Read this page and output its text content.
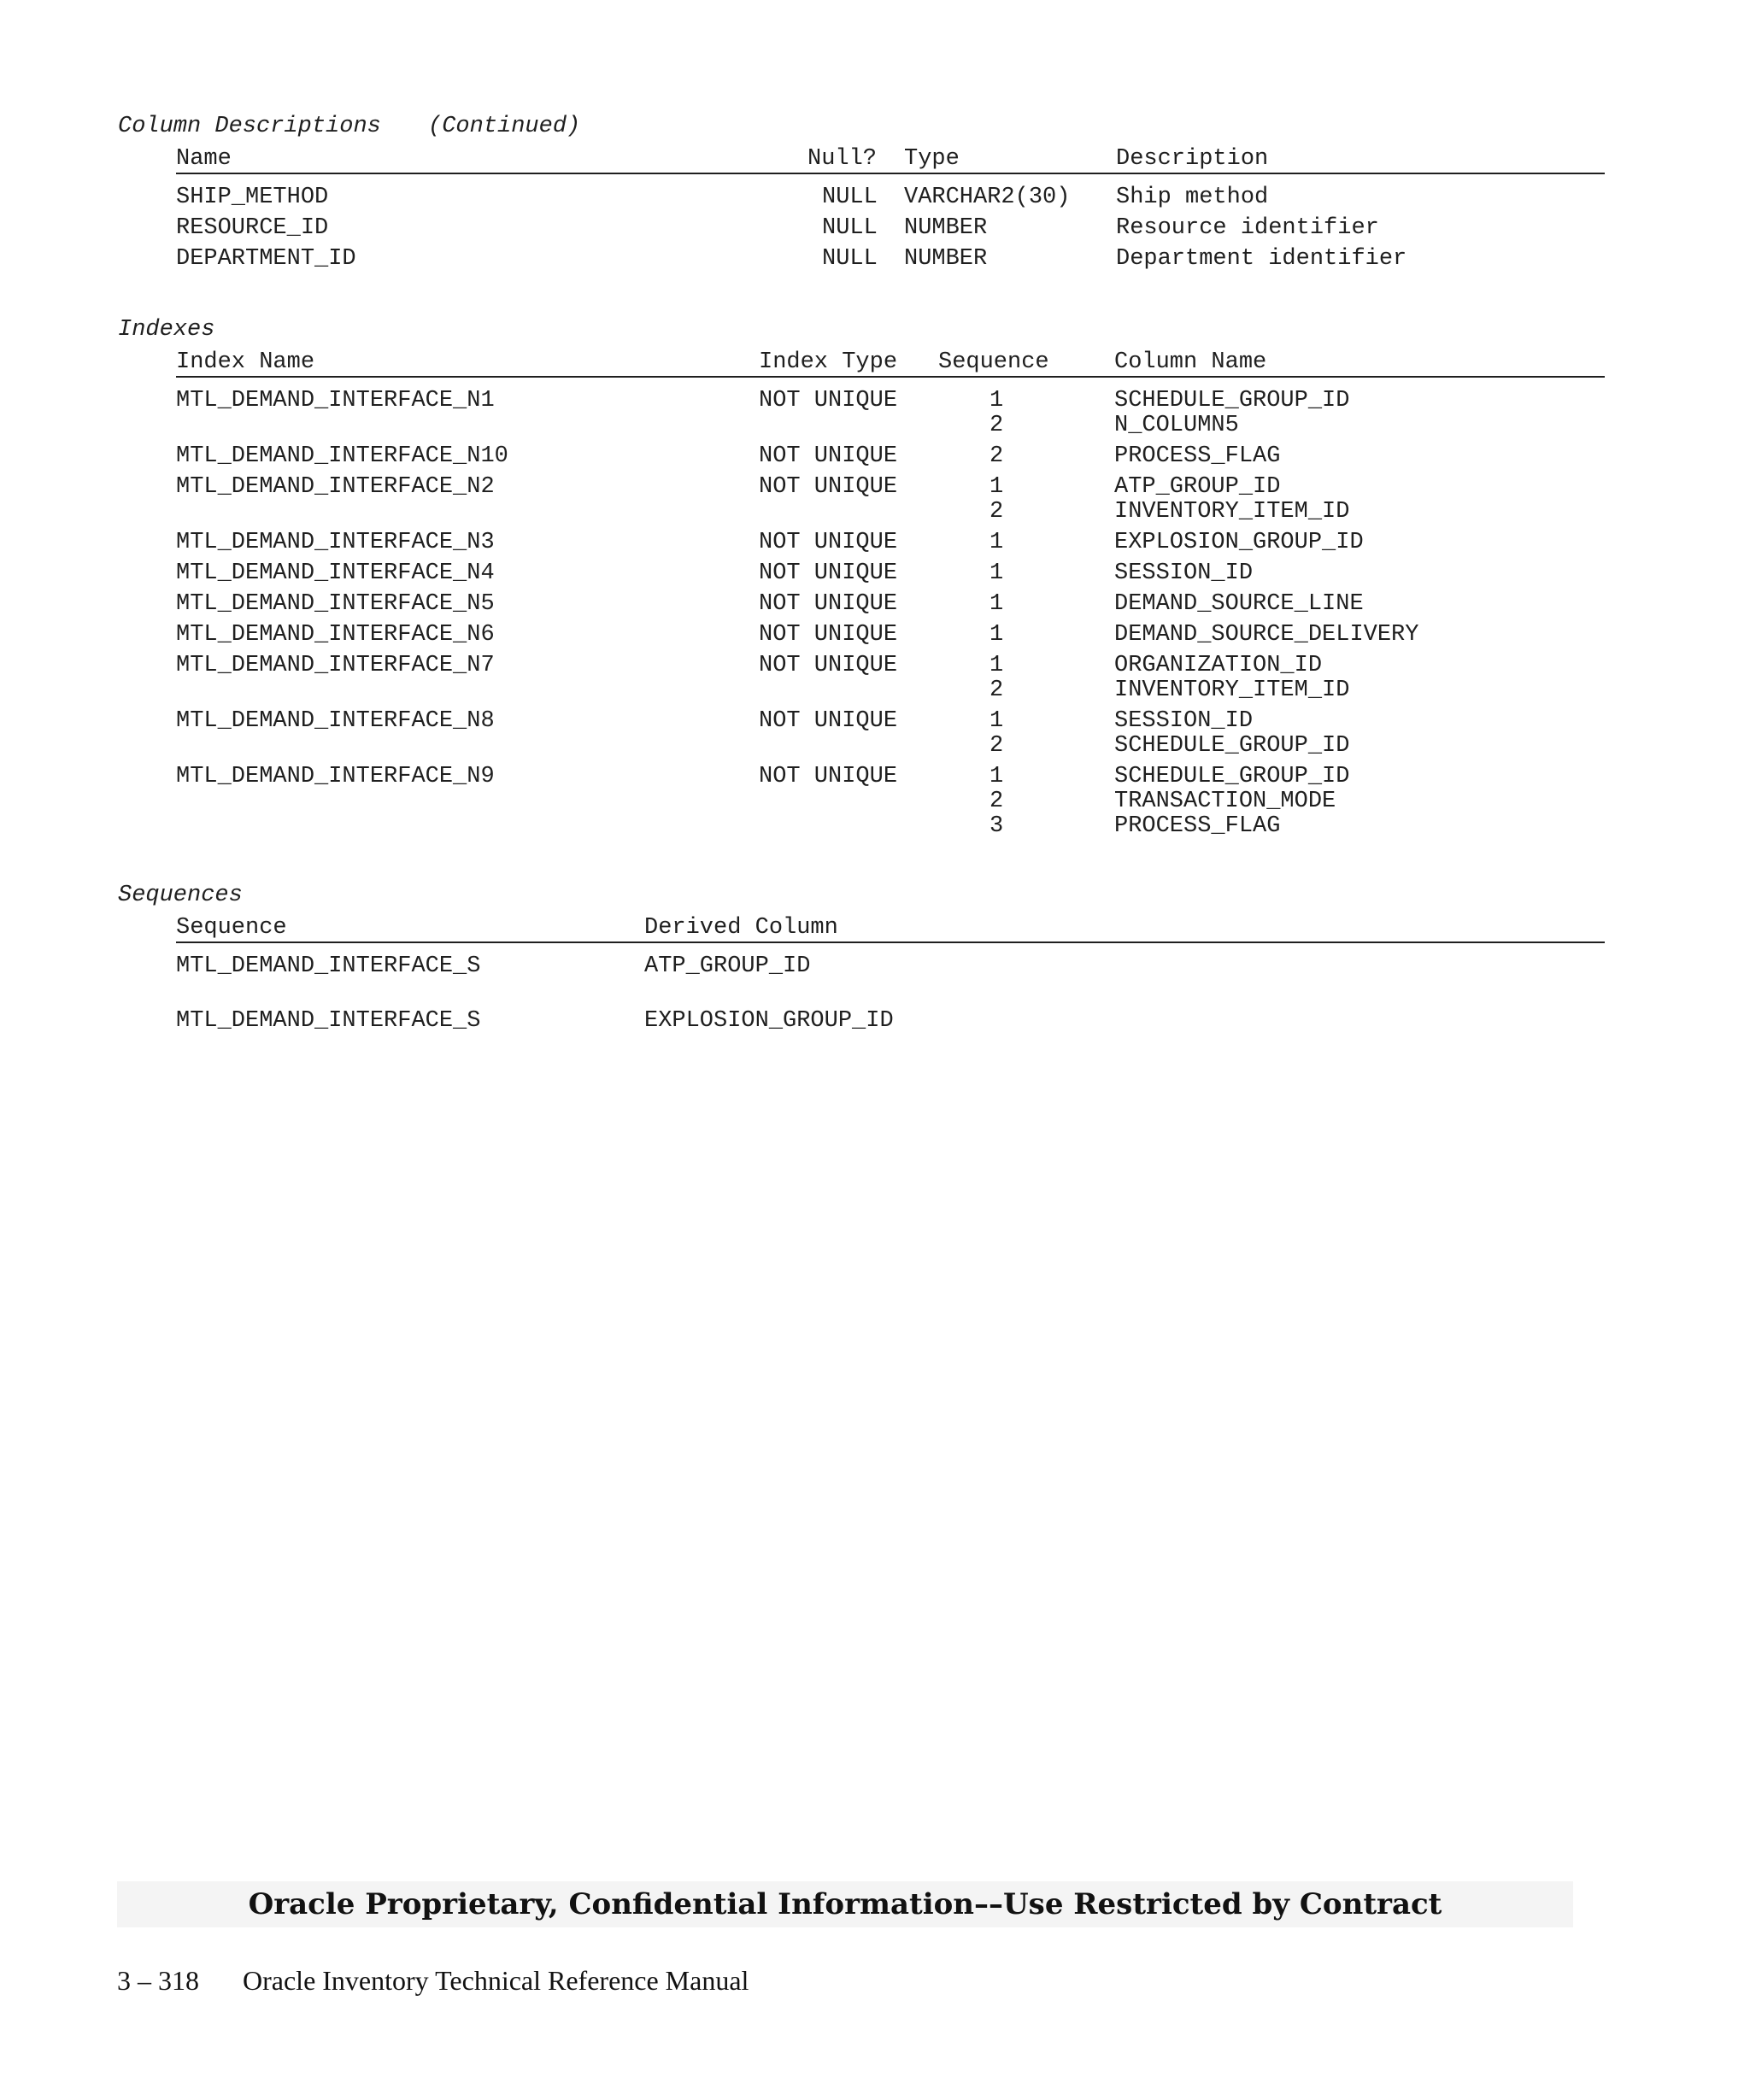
Column Descriptions (Continued)
Name	Null? Type	Description
SHIP_METHOD	NULL VARCHAR2(30) Ship method
RESOURCE_ID	NULL NUMBER	Resource identifier
DEPARTMENT_ID	NULL NUMBER	Department identifier
Indexes
Index Name	Index Type Sequence	Column Name
MTL_DEMAND_INTERFACE_N1	NOT UNIQUE	1	SCHEDULE_GROUP_ID
2	N_COLUMN5
MTL_DEMAND_INTERFACE_N10	NOT UNIQUE	2	PROCESS_FLAG
MTL_DEMAND_INTERFACE_N2	NOT UNIQUE	1	ATP_GROUP_ID
2	INVENTORY_ITEM_ID
MTL_DEMAND_INTERFACE_N3	NOT UNIQUE	1	EXPLOSION_GROUP_ID
MTL_DEMAND_INTERFACE_N4	NOT UNIQUE	1	SESSION_ID
MTL_DEMAND_INTERFACE_N5	NOT UNIQUE	1	DEMAND_SOURCE_LINE
MTL_DEMAND_INTERFACE_N6	NOT UNIQUE	1	DEMAND_SOURCE_DELIVERY
MTL_DEMAND_INTERFACE_N7	NOT UNIQUE	1	ORGANIZATION_ID
2	INVENTORY_ITEM_ID
MTL_DEMAND_INTERFACE_N8	NOT UNIQUE	1	SESSION_ID
2	SCHEDULE_GROUP_ID
MTL_DEMAND_INTERFACE_N9	NOT UNIQUE	1	SCHEDULE_GROUP_ID
2	TRANSACTION_MODE
3	PROCESS_FLAG
Sequences
Sequence	Derived Column
MTL_DEMAND_INTERFACE_S	ATP_GROUP_ID
MTL_DEMAND_INTERFACE_S	EXPLOSION_GROUP_ID
Oracle Proprietary, Confidential Information––Use Restricted by Contract
3 – 318 Oracle Inventory Technical Reference Manual
